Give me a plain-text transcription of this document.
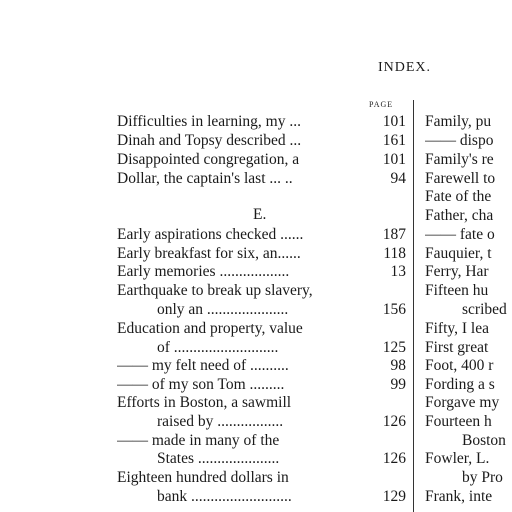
INDEX.
PAGE
Difficulties in learning, my ...	101
Dinah and Topsy described ...	161
Disappointed congregation, a	101
Dollar, the captain's last ... ..	94
E.
Early aspirations checked ......	187
Early breakfast for six, an......	118
Early memories ..................	13
Earthquake to break up slavery,
only an .....................	156
Education and property, value
of ...........................	125
—— my felt need of ..........	98
—— of my son Tom .........	99
Efforts in Boston, a sawmill
raised by .................	126
—— made in many of the
States .....................	126
Eighteen hundred dollars in
bank ..........................	129
Family, pu
—— dispo
Family's re
Farewell to
Fate of the
Father, cha
—— fate o
Fauquier, t
Ferry, Har
Fifteen hu
scribed
Fifty, I lea
First great
Foot, 400 r
Fording a s
Forgave my
Fourteen h
Boston
Fowler, L.
by Pro
Frank, inte
